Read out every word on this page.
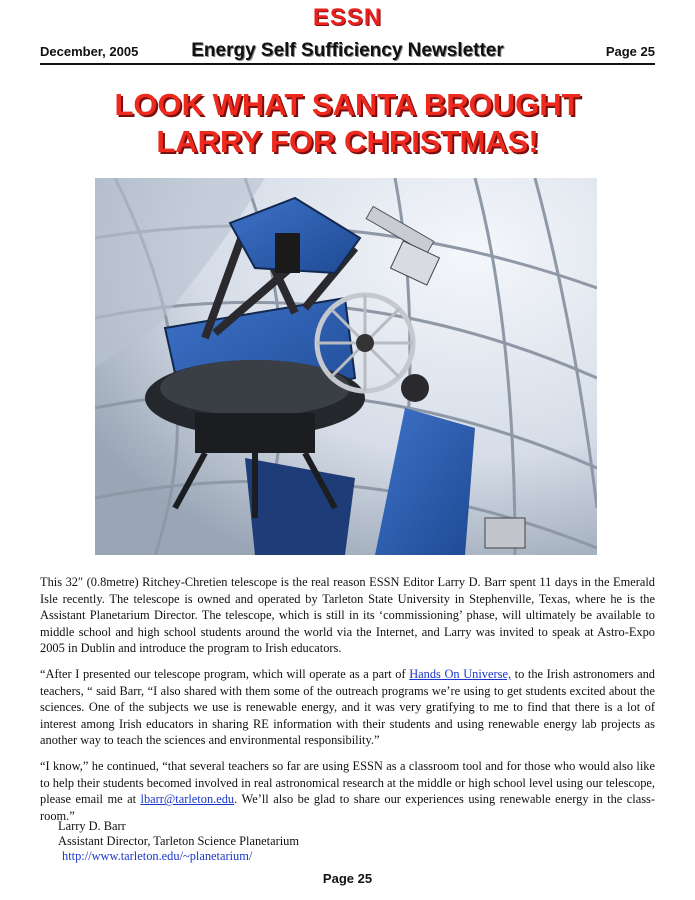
ESSN
December, 2005	Energy Self Sufficiency Newsletter	Page 25
LOOK WHAT SANTA BROUGHT
LARRY FOR CHRISTMAS!
This 32″ (0.8metre) Ritchey-Chretien telescope is the real reason ESSN Editor Larry D. Barr spent 11 days in the Emerald Isle recently. The telescope is owned and operated by Tarleton State University in Stephenville, Texas, where he is the Assistant Planetarium Director. The telescope, which is still in its ‘commissioning’ phase, will ultimately be available to middle school and high school students around the world via the Internet, and Larry was invited to speak at Astro-Expo 2005 in Dublin and introduce the program to Irish educators.
“After I presented our telescope program, which will operate as a part of Hands On Universe, to the Irish astronomers and teachers, “ said Barr, “I also shared with them some of the outreach programs we’re using to get students excited about the sciences. One of the subjects we use is renewable energy, and it was very gratifying to me to find that there is a lot of interest among Irish educators in sharing RE information with their students and using renewable energy lab projects as another way to teach the sciences and environmental responsibility.”
“I know,” he continued, “that several teachers so far are using ESSN as a classroom tool and for those who would also like to help their students becomed involved in real astronomical research at the middle or high school level using our telescope, please email me at lbarr@tarleton.edu. We’ll also be glad to share our experiences using renewable energy in the class-room.”
Larry D. Barr
Assistant Director, Tarleton Science Planetarium
http://www.tarleton.edu/~planetarium/
Page 25
